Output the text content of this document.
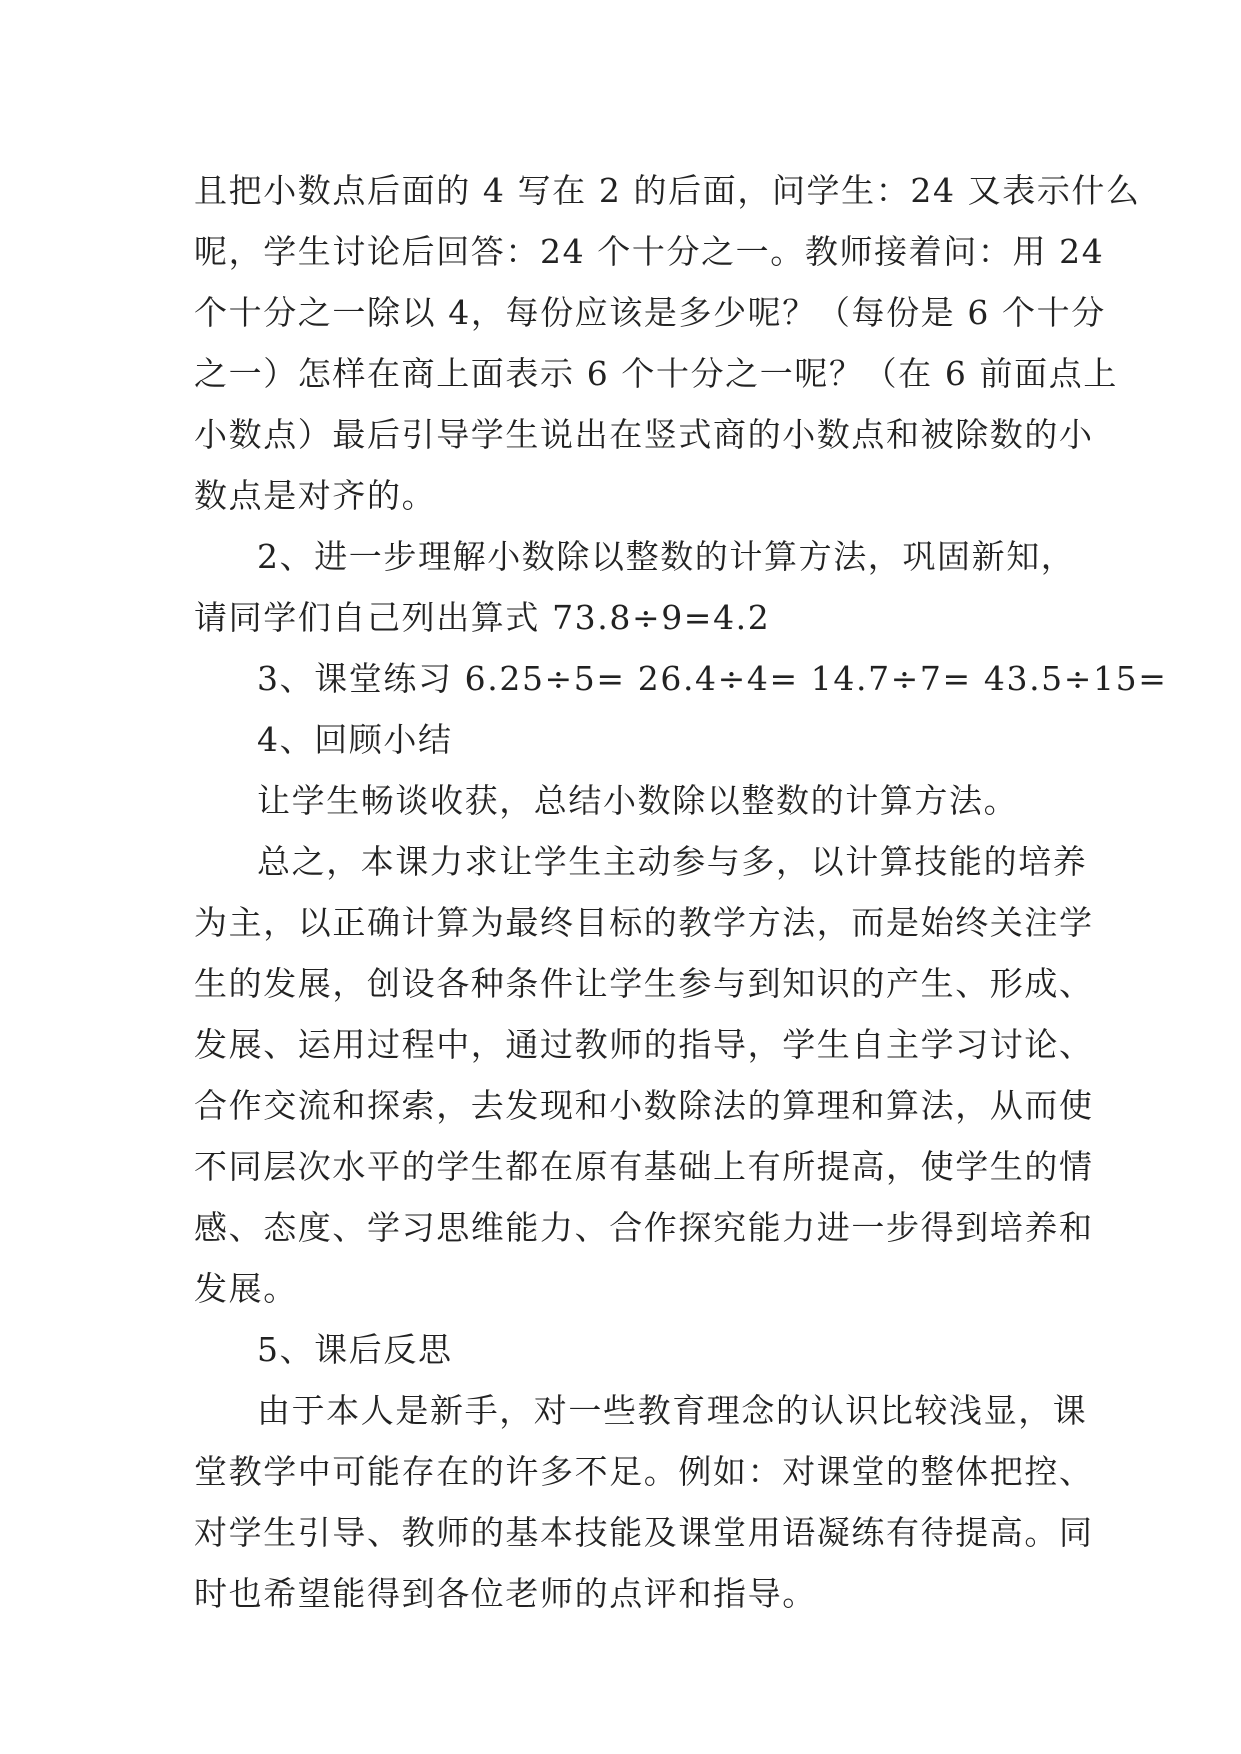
且把小数点后面的 4 写在 2 的后面，问学生：24 又表示什么
呢，学生讨论后回答：24 个十分之一。教师接着问：用 24
个十分之一除以 4，每份应该是多少呢？（每份是 6 个十分
之一）怎样在商上面表示 6 个十分之一呢？（在 6 前面点上
小数点）最后引导学生说出在竖式商的小数点和被除数的小
数点是对齐的。
2、进一步理解小数除以整数的计算方法，巩固新知，
请同学们自己列出算式 73.8÷9=4.2
3、课堂练习 6.25÷5= 26.4÷4= 14.7÷7= 43.5÷15=
4、回顾小结
让学生畅谈收获，总结小数除以整数的计算方法。
总之，本课力求让学生主动参与多，以计算技能的培养
为主，以正确计算为最终目标的教学方法，而是始终关注学
生的发展，创设各种条件让学生参与到知识的产生、形成、
发展、运用过程中，通过教师的指导，学生自主学习讨论、
合作交流和探索，去发现和小数除法的算理和算法，从而使
不同层次水平的学生都在原有基础上有所提高，使学生的情
感、态度、学习思维能力、合作探究能力进一步得到培养和
发展。
5、课后反思
由于本人是新手，对一些教育理念的认识比较浅显，课
堂教学中可能存在的许多不足。例如：对课堂的整体把控、
对学生引导、教师的基本技能及课堂用语凝练有待提高。同
时也希望能得到各位老师的点评和指导。
